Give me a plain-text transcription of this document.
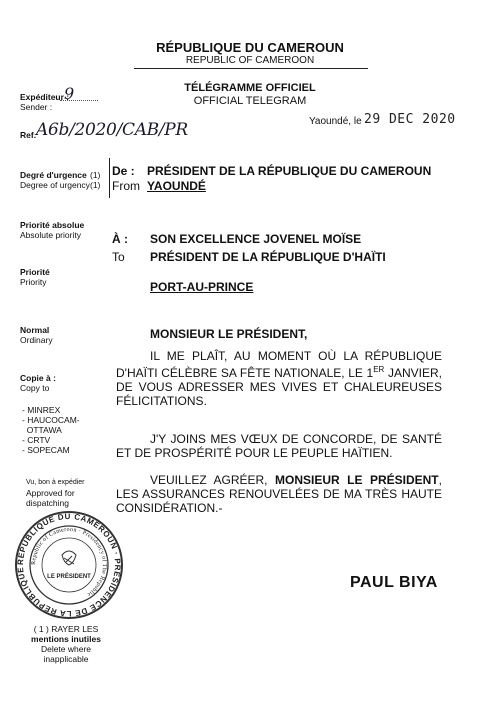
RÉPUBLIQUE DU CAMEROUN
REPUBLIC OF CAMEROON
TÉLÉGRAMME OFFICIEL
OFFICIAL TELEGRAM
Expéditeur :
Sender :
9
Ref. A6b/2020/CAB/PR	Yaoundé, le 29 DEC 2020
Degré d'urgence
Degree of urgency
(1)
(1)
De :
From
PRÉSIDENT DE LA RÉPUBLIQUE DU CAMEROUN
YAOUNDÉ
Priorité absolue
Absolute priority
Priorité
Priority
Normal
Ordinary
À :
To
SON EXCELLENCE JOVENEL MOÏSE
PRÉSIDENT DE LA RÉPUBLIQUE D'HAÏTI
PORT-AU-PRINCE
Copie à :
Copy to
- MINREX
- HAUCOCAM-
OTTAWA
- CRTV
- SOPECAM
Vu, bon à expédier
Approved for
dispatching
RÉPUBLIQUE DU CAMEROUN · PRÉSIDENCE DE LA RÉPUBLIQUE
Republic of Cameroon · Presidency of The Republic
LE PRÉSIDENT
( 1 ) RAYER LES
mentions inutiles
Delete where
inapplicable
MONSIEUR LE PRÉSIDENT,
IL ME PLAÎT, AU MOMENT OÙ LA RÉPUBLIQUE D'HAÏTI CÉLÈBRE SA FÊTE NATIONALE, LE 1ER JANVIER, DE VOUS ADRESSER MES VIVES ET CHALEUREUSES FÉLICITATIONS.
J'Y JOINS MES VŒUX DE CONCORDE, DE SANTÉ ET DE PROSPÉRITÉ POUR LE PEUPLE HAÏTIEN.
VEUILLEZ AGRÉER, MONSIEUR LE PRÉSIDENT, LES ASSURANCES RENOUVELÉES DE MA TRÈS HAUTE CONSIDÉRATION.-
PAUL BIYA
